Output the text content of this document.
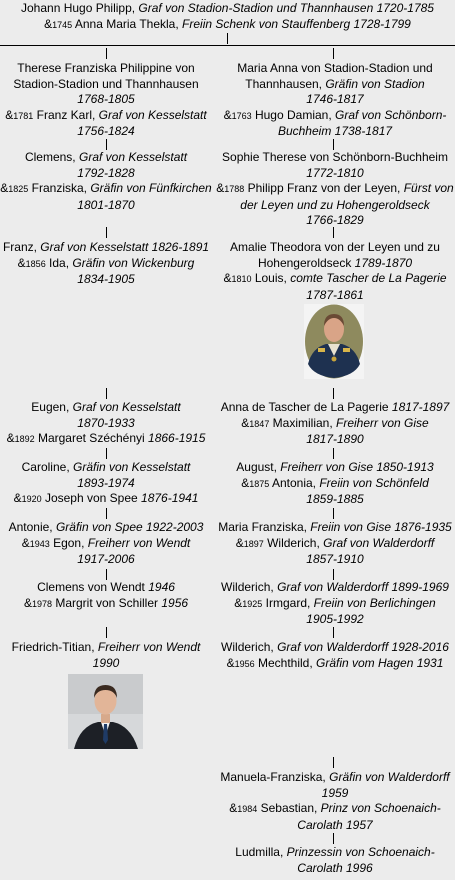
Johann Hugo Philipp, Graf von Stadion-Stadion und Thannhausen 1720-1785
&1745 Anna Maria Thekla, Freiin Schenk von Stauffenberg 1728-1799
Therese Franziska Philippine von Stadion-Stadion und Thannhausen
1768-1805
&1781 Franz Karl, Graf von Kesselstatt
1756-1824
Clemens, Graf von Kesselstatt
1792-1828
&1825 Franziska, Gräfin von Fünfkirchen
1801-1870
Franz, Graf von Kesselstatt 1826-1891
&1856 Ida, Gräfin von Wickenburg
1834-1905
Eugen, Graf von Kesselstatt
1870-1933
&1892 Margaret Széchényi 1866-1915
Caroline, Gräfin von Kesselstatt
1893-1974
&1920 Joseph von Spee 1876-1941
Antonie, Gräfin von Spee 1922-2003
&1943 Egon, Freiherr von Wendt
1917-2006
Clemens von Wendt 1946
&1978 Margrit von Schiller 1956
Friedrich-Titian, Freiherr von Wendt
1990
Maria Anna von Stadion-Stadion und Thannhausen, Gräfin von Stadion
1746-1817
&1763 Hugo Damian, Graf von Schönborn-Buchheim 1738-1817
Sophie Therese von Schönborn-Buchheim
1772-1810
&1788 Philipp Franz von der Leyen, Fürst von der Leyen und zu Hohengeroldseck
1766-1829
Amalie Theodora von der Leyen und zu Hohengeroldseck 1789-1870
&1810 Louis, comte Tascher de La Pagerie
1787-1861
Anna de Tascher de La Pagerie 1817-1897
&1847 Maximilian, Freiherr von Gise
1817-1890
August, Freiherr von Gise 1850-1913
&1875 Antonia, Freiin von Schönfeld
1859-1885
Maria Franziska, Freiin von Gise 1876-1935
&1897 Wilderich, Graf von Walderdorff
1857-1910
Wilderich, Graf von Walderdorff 1899-1969
&1925 Irmgard, Freiin von Berlichingen
1905-1992
Wilderich, Graf von Walderdorff 1928-2016
&1956 Mechthild, Gräfin vom Hagen 1931
Manuela-Franziska, Gräfin von Walderdorff
1959
&1984 Sebastian, Prinz von Schoenaich-Carolath 1957
Ludmilla, Prinzessin von Schoenaich-Carolath 1996
